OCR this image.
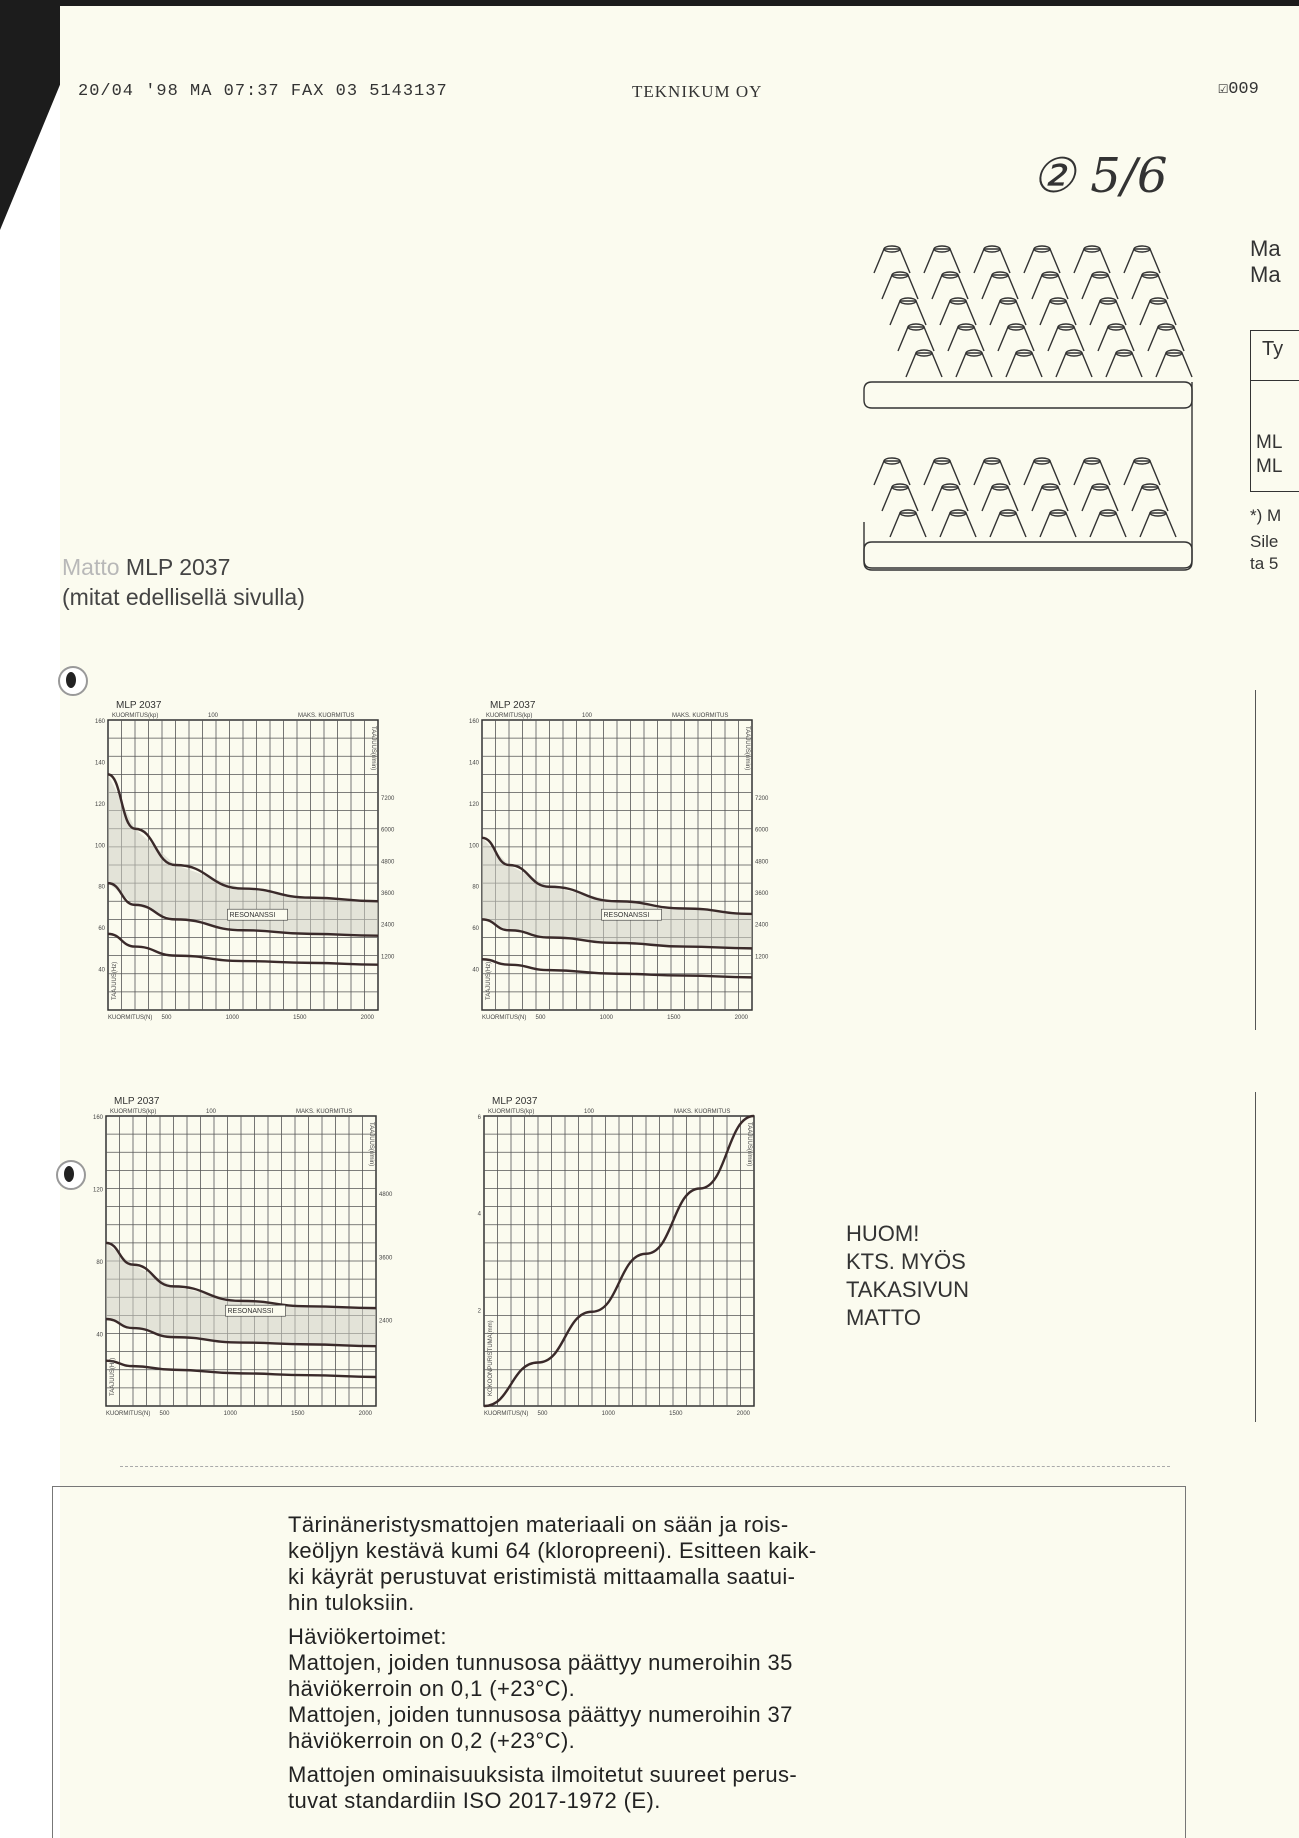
20/04 '98 MA 07:37 FAX 03 5143137	TEKNIKUM OY	☑009
② 5/6
Ma
Ma
Ty
ML
ML
*) M
Sile
ta 5
Matto MLP 2037
(mitat edellisellä sivulla)
MLP 2037
KUORMITUS(kp)	100	MAKS. KUORMITUS
160
140
120
100
80
60
40
7200
6000
4800
3600
2400
1200
500	1000	1500	2000
KUORMITUS(N)
TAAJUUS(Hz)
TAAJUUS(r/min)
RESONANSSI
MLP 2037
KUORMITUS(kp)	100	MAKS. KUORMITUS
160
140
120
100
80
60
40
7200
6000
4800
3600
2400
1200
500	1000	1500	2000
KUORMITUS(N)
TAAJUUS(Hz)
TAAJUUS(r/min)
RESONANSSI
MLP 2037
KUORMITUS(kp)	100	MAKS. KUORMITUS
160
120
80
40
4800
3600
2400
500	1000	1500	2000
KUORMITUS(N)
TAAJUUS(Hz)
TAAJUUS(r/min)
RESONANSSI
MLP 2037
KUORMITUS(kp)	100	MAKS. KUORMITUS
6
4
2
500	1000	1500	2000
KUORMITUS(N)
KOKOONPURISTUMA(mm)
TAAJUUS(r/min)
HUOM!
KTS. MYÖS
TAKASIVUN
MATTO

Tärinäneristysmattojen materiaali on sään ja rois-

keöljyn kestävä kumi 64 (kloropreeni). Esitteen kaik-

ki käyrät perustuvat eristimistä mittaamalla saatui-

hin tuloksiin.

Häviökertoimet:

Mattojen, joiden tunnusosa päättyy numeroihin 35

häviökerroin on 0,1 (+23°C).

Mattojen, joiden tunnusosa päättyy numeroihin 37

häviökerroin on 0,2 (+23°C).

Mattojen ominaisuuksista ilmoitetut suureet perus-

tuvat standardiin ISO 2017-1972 (E).
